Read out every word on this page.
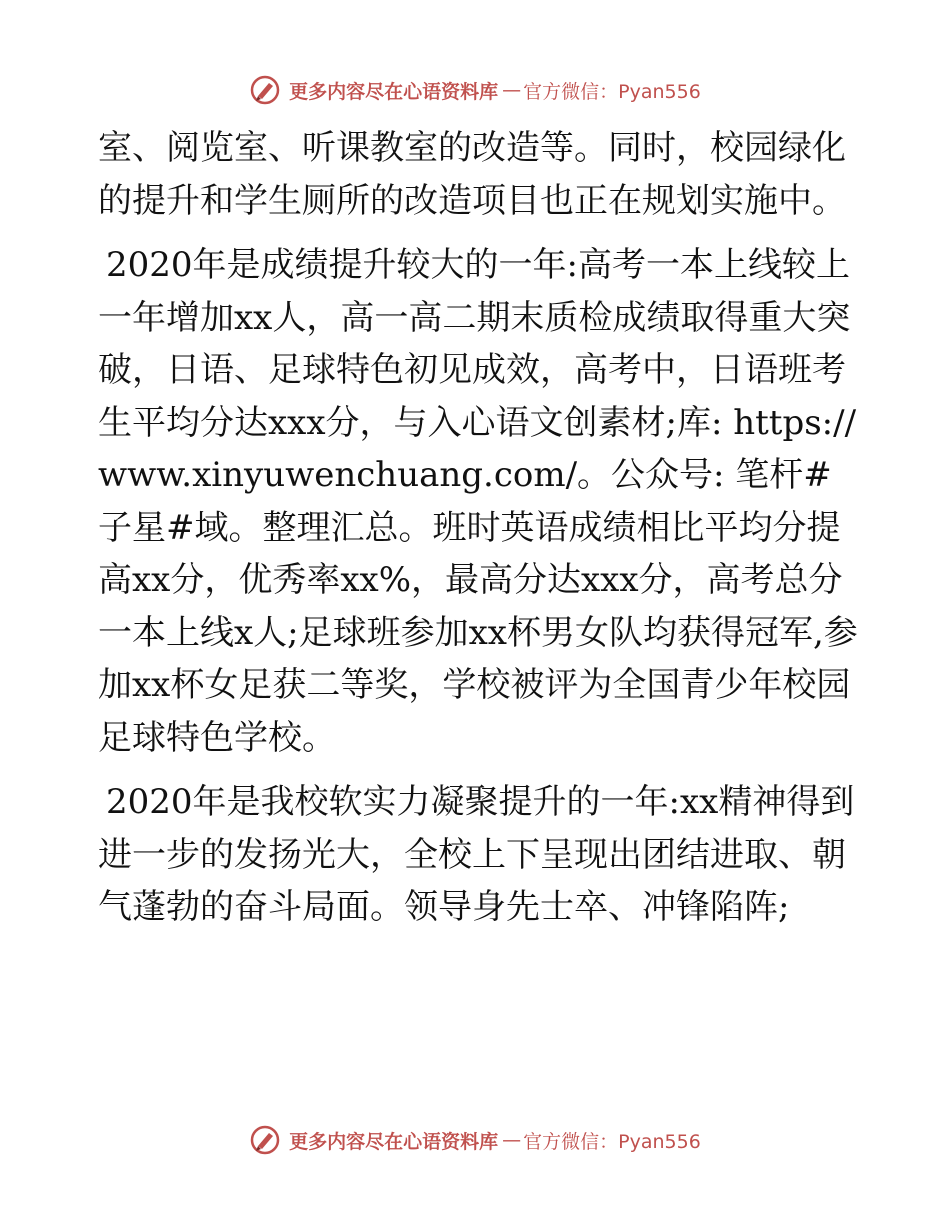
更多内容尽在心语资料库 — 官方微信：Pyan556

室、阅览室、听课教室的改造等。同时，校园绿化的提升和学生厕所的改造项目也正在规划实施中。

2020年是成绩提升较大的一年:高考一本上线较上一年增加xx人，高一高二期末质检成绩取得重大突破，日语、足球特色初见成效，高考中，日语班考生平均分达xxx分，与入心语文创素材;库: https://www.xinyuwenchuang.com/。公众号: 笔杆#子星#域。整理汇总。班时英语成绩相比平均分提高xx分，优秀率xx%，最高分达xxx分，高考总分一本上线x人;足球班参加xx杯男女队均获得冠军,参加xx杯女足获二等奖，学校被评为全国青少年校园足球特色学校。

2020年是我校软实力凝聚提升的一年:xx精神得到进一步的发扬光大，全校上下呈现出团结进取、朝气蓬勃的奋斗局面。领导身先士卒、冲锋陷阵;

更多内容尽在心语资料库 — 官方微信：Pyan556
